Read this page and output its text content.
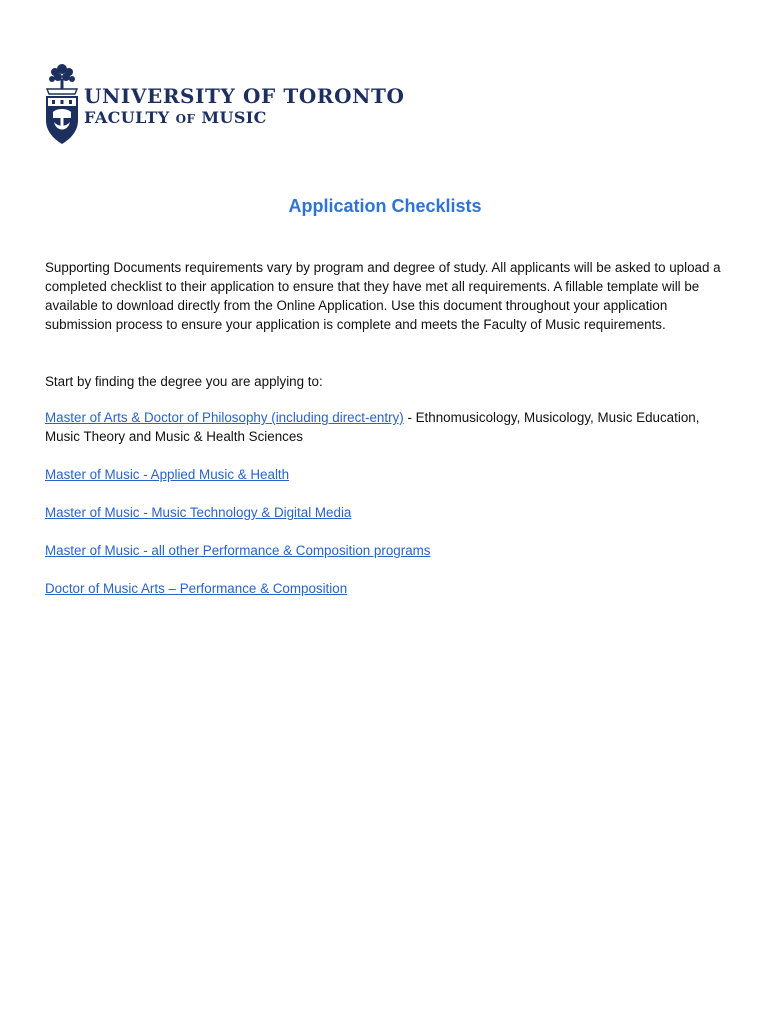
UNIVERSITY OF TORONTO
FACULTY OF MUSIC
Application Checklists

Supporting Documents requirements vary by program and degree of study. All applicants will be asked to upload a completed checklist to their application to ensure that they have met all requirements. A fillable template will be available to download directly from the Online Application. Use this document throughout your application submission process to ensure your application is complete and meets the Faculty of Music requirements.

Start by finding the degree you are applying to:

Master of Arts & Doctor of Philosophy (including direct-entry) - Ethnomusicology, Musicology, Music Education, Music Theory and Music & Health Sciences

Master of Music - Applied Music & Health

Master of Music - Music Technology & Digital Media

Master of Music - all other Performance & Composition programs

Doctor of Music Arts – Performance & Composition
